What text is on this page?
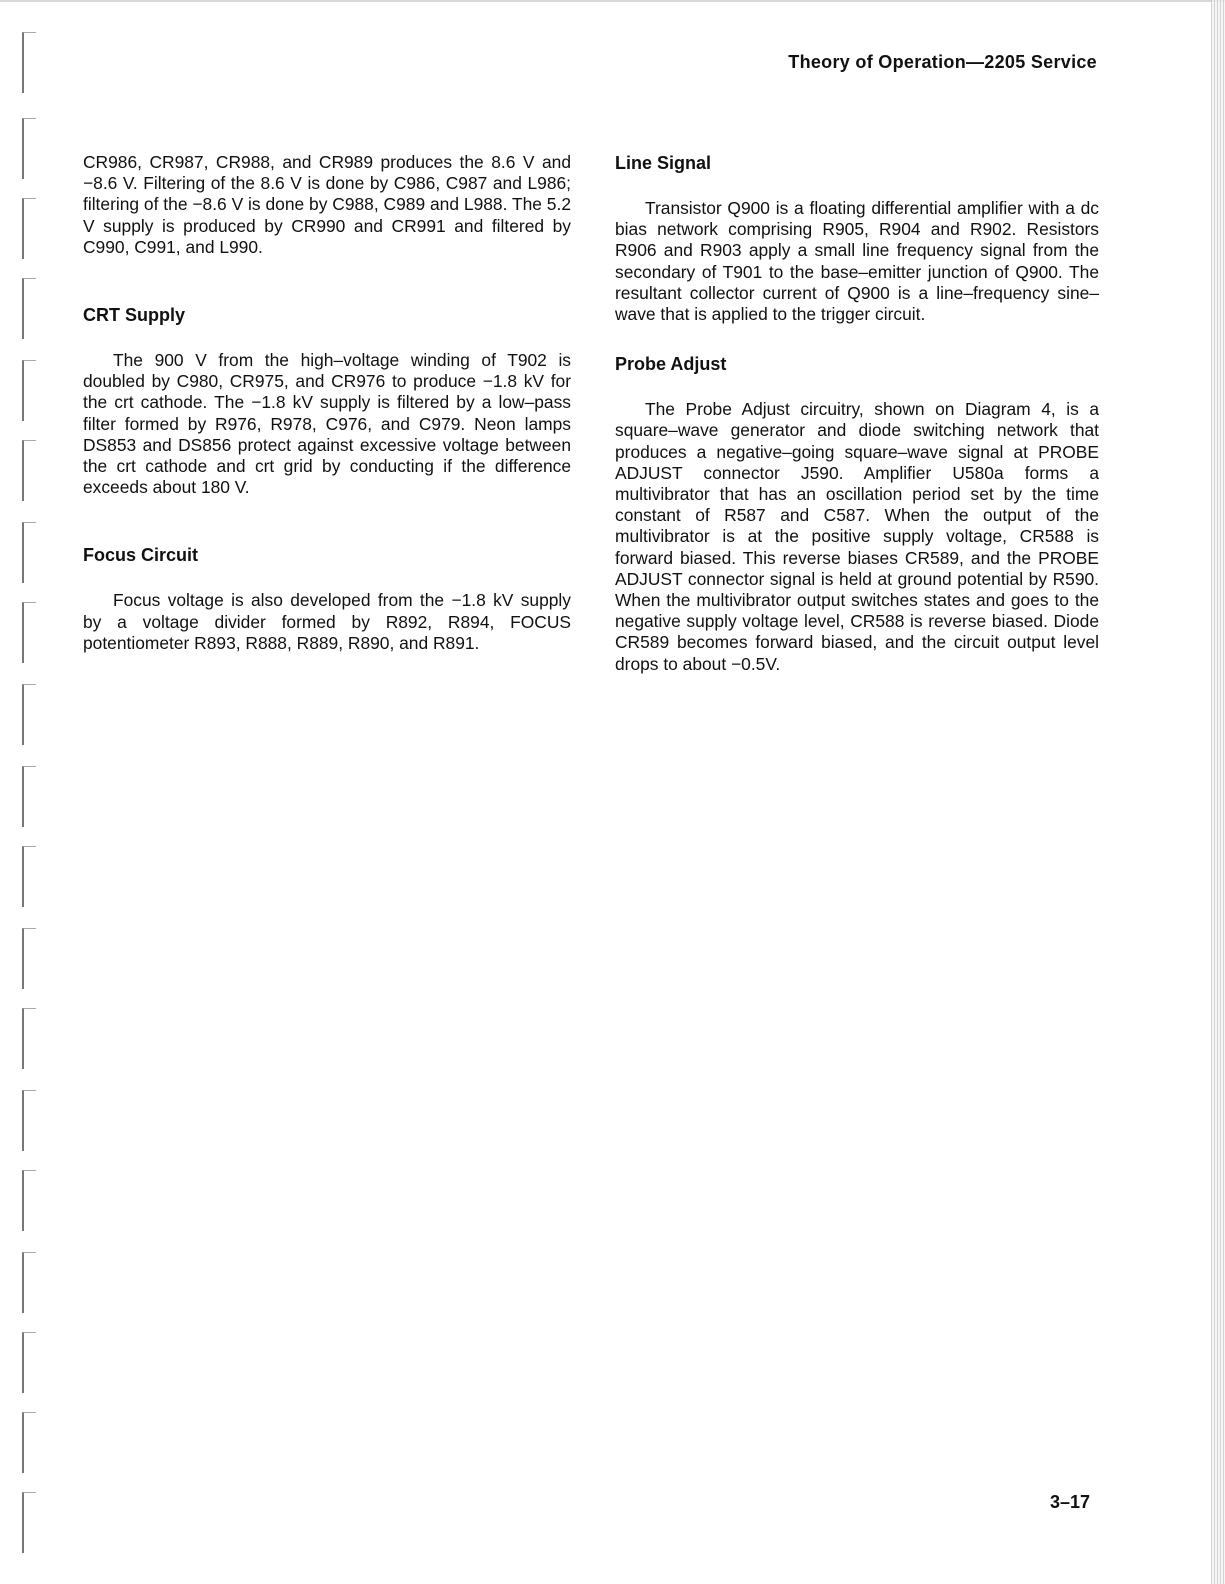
Theory of Operation—2205 Service

CR986, CR987, CR988, and CR989 produces the 8.6 V and −8.6 V. Filtering of the 8.6 V is done by C986, C987 and L986; filtering of the −8.6 V is done by C988, C989 and L988. The 5.2 V supply is produced by CR990 and CR991 and filtered by C990, C991, and L990.

CRT Supply

The 900 V from the high–voltage winding of T902 is doubled by C980, CR975, and CR976 to produce −1.8 kV for the crt cathode. The −1.8 kV supply is filtered by a low–pass filter formed by R976, R978, C976, and C979. Neon lamps DS853 and DS856 protect against excessive voltage between the crt cathode and crt grid by conducting if the difference exceeds about 180 V.

Focus Circuit

Focus voltage is also developed from the −1.8 kV supply by a voltage divider formed by R892, R894, FOCUS potentiometer R893, R888, R889, R890, and R891.

Line Signal

Transistor Q900 is a floating differential amplifier with a dc bias network comprising R905, R904 and R902. Resistors R906 and R903 apply a small line frequency signal from the secondary of T901 to the base–emitter junction of Q900. The resultant collector current of Q900 is a line–frequency sine–wave that is applied to the trigger circuit.

Probe Adjust

The Probe Adjust circuitry, shown on Diagram 4, is a square–wave generator and diode switching network that produces a negative–going square–wave signal at PROBE ADJUST connector J590. Amplifier U580a forms a multivibrator that has an oscillation period set by the time constant of R587 and C587. When the output of the multivibrator is at the positive supply voltage, CR588 is forward biased. This reverse biases CR589, and the PROBE ADJUST connector signal is held at ground potential by R590. When the multivibrator output switches states and goes to the negative supply voltage level, CR588 is reverse biased. Diode CR589 becomes forward biased, and the circuit output level drops to about −0.5V.

3–17
